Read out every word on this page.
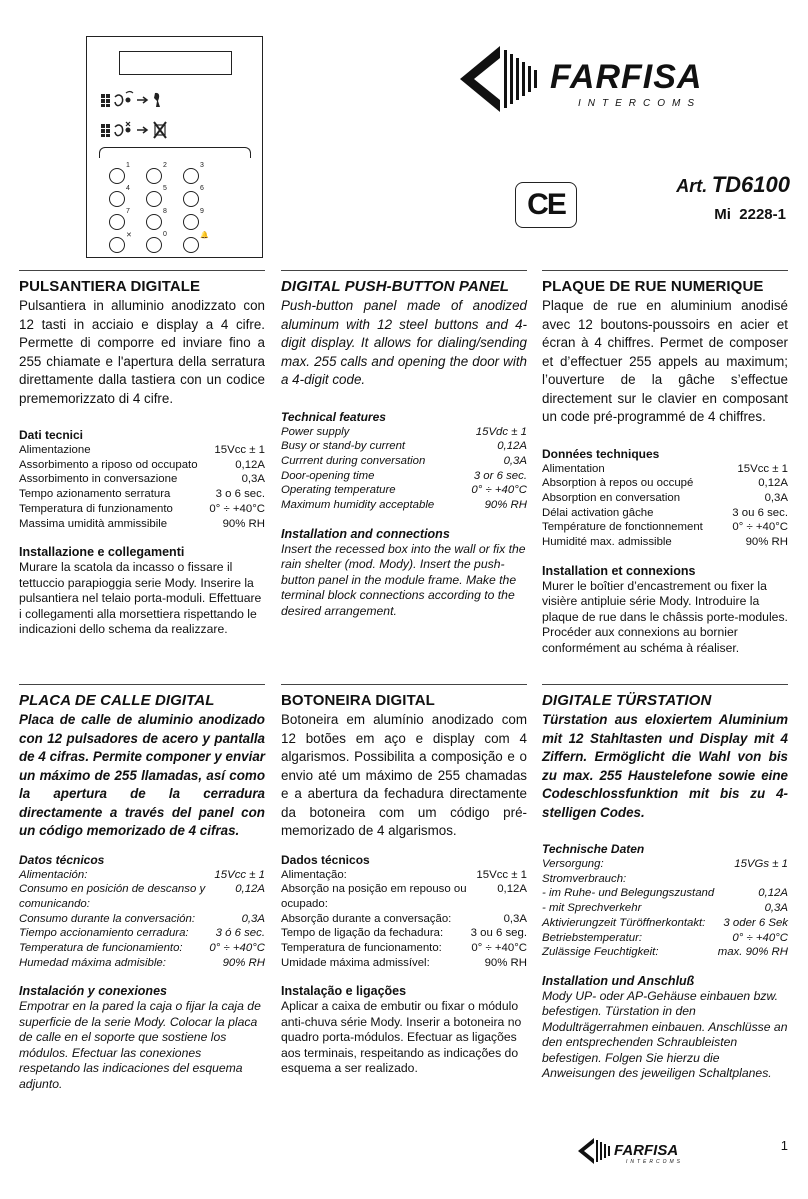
1	2	3
4	5	6
7	8	9
✕	0	🔔
FARFISA
INTERCOMS
CE
Art. TD6100
Mi  2228-1
PULSANTIERA DIGITALE

Pulsantiera in alluminio anodizzato con 12 tasti in acciaio e display a 4 cifre. Permette di comporre ed inviare fino a 255 chiamate e l'apertura della serratura direttamente dalla tastiera con un codice prememorizzato di 4 cifre.

Dati tecnici
Alimentazione	15Vcc ± 1
Assorbimento a riposo od occupato	0,12A
Assorbimento in conversazione	0,3A
Tempo azionamento serratura	3 o 6 sec.
Temperatura di funzionamento	0° ÷ +40°C
Massima umidità ammissibile	90% RH
Installazione e collegamenti

Murare la scatola da incasso o fissare il tettuccio parapioggia serie Mody. Inserire la pulsantiera nel telaio porta-moduli. Effettuare i collegamenti alla morsettiera rispettando le indicazioni dello schema da realizzare.

DIGITAL PUSH-BUTTON PANEL

Push-button panel made of anodized aluminum with 12 steel buttons and 4-digit display. It allows for dialing/sending max. 255 calls and opening the door with a 4-digit code.

Technical features
Power supply	15Vdc ± 1
Busy or stand-by current	0,12A
Currrent during conversation	0,3A
Door-opening time	3 or 6 sec.
Operating temperature	0° ÷ +40°C
Maximum humidity acceptable	90% RH
Installation and connections

Insert the recessed box into the wall or fix the rain shelter (mod. Mody). Insert the push-button panel in the module frame. Make the terminal block connections according to the desired arrangement.

PLAQUE DE RUE NUMERIQUE

Plaque de rue en aluminium anodisé avec 12 boutons-poussoirs en acier et écran à 4 chiffres. Permet de composer et d’effectuer 255 appels au maximum; l’ouverture de la gâche s’effectue directement sur le clavier en composant un code pré-programmé de 4 chiffres.

Données techniques
Alimentation	15Vcc ± 1
Absorption à repos ou occupé	0,12A
Absorption en conversation	0,3A
Délai activation gâche	3 ou 6 sec.
Température de fonctionnement	0° ÷ +40°C
Humidité max. admissible	90% RH
Installation et connexions

Murer le boîtier d’encastrement ou fixer la visière antipluie série Mody. Introduire la plaque de rue dans le châssis porte-modules. Procéder aux connexions au bornier conformément au schéma à réaliser.

PLACA DE CALLE DIGITAL

Placa de calle de aluminio anodizado con 12 pulsadores de acero y pantalla de 4 cifras. Permite componer y enviar un máximo de 255 llamadas, así como la apertura de la cerradura directamente a través del panel con un código memorizado de 4 cifras.

Datos técnicos
Alimentación:	15Vcc ± 1
Consumo en posición de descanso y comunicando:
0,12A
Consumo durante la conversación:	0,3A
Tiempo accionamiento cerradura: 3 ó 6 sec.
Temperatura de funcionamiento: 0° ÷ +40°C
Humedad máxima admisible:	90% RH
Instalación y conexiones

Empotrar en la pared la caja o fijar la caja de superficie de la serie Mody. Colocar la placa de calle en el soporte que sostiene los módulos. Efectuar las conexiones respetando las indicaciones del esquema adjunto.

BOTONEIRA DIGITAL

Botoneira em alumínio anodizado com 12 botões em aço e display com 4 algarismos. Possibilita a composição e o envio até um máximo de 255 chamadas e a abertura da fechadura directamente da botoneira com um código pré-memorizado de 4 algarismos.

Dados técnicos
Alimentação:	15Vcc ± 1
Absorção na posição em repouso ou ocupado:
0,12A
Absorção durante a conversação:	0,3A
Tempo de ligação da fechadura: 3 ou 6 seg.
Temperatura de funcionamento:	0° ÷ +40°C
Umidade máxima admissível:	90% RH
Instalação e ligações

Aplicar a caixa de embutir ou fixar o módulo anti-chuva série Mody. Inserir a botoneira no quadro porta-módulos. Efectuar as ligações aos terminais, respeitando as indicações do esquema a ser realizado.

DIGITALE TÜRSTATION

Türstation aus eloxiertem Aluminium mit 12 Stahltasten und Display mit 4 Ziffern. Ermöglicht die Wahl von bis zu max. 255 Haustelefone sowie eine Codeschlossfunktion mit bis zu 4-stelligen Codes.

Technische Daten
Versorgung:	15VGs ± 1
Stromverbrauch:
- im Ruhe- und Belegungszustand	0,12A
- mit Sprechverkehr	0,3A
Aktivierungzeit Türöffnerkontakt: 3 oder 6 Sek
Betriebstemperatur:	0° ÷ +40°C
Zulässige Feuchtigkeit:	max. 90% RH
Installation und Anschluß

Mody UP- oder AP-Gehäuse einbauen bzw. befestigen. Türstation in den Modulträgerrahmen einbauen. Anschlüsse an den entsprechenden Schraubleisten befestigen. Folgen Sie hierzu die Anweisungen des jeweiligen Schaltplanes.

FARFISA
INTERCOMS
1
